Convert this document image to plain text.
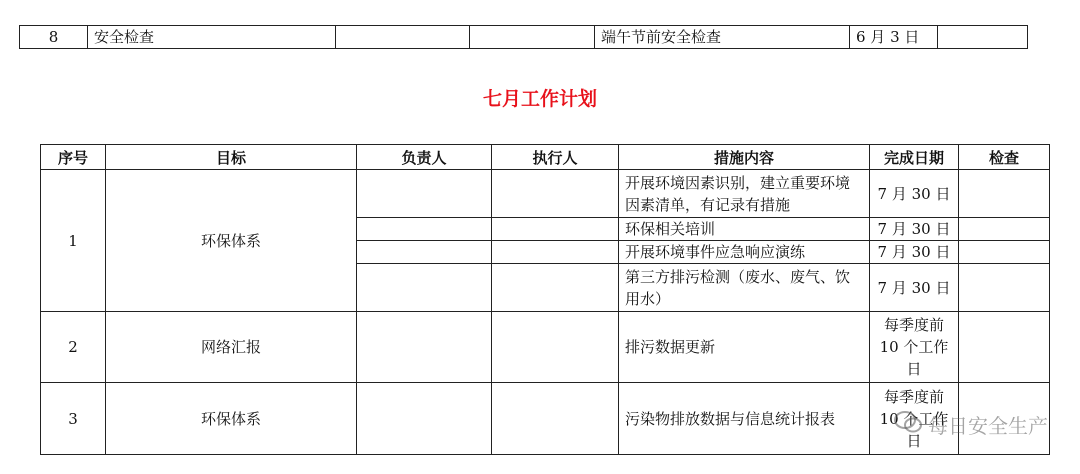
8	安全检查			端午节前安全检查	6 月 3 日	
七月工作计划
序号	目标	负责人	执行人	措施内容	完成日期	检查
1	环保体系			开展环境因素识别，建立重要环境因素清单，有记录有措施	7 月 30 日	
				环保相关培训	7 月 30 日	
				开展环境事件应急响应演练	7 月 30 日	
				第三方排污检测（废水、废气、饮用水）	7 月 30 日	
2	网络汇报			排污数据更新	每季度前 10 个工作日	
3	环保体系			污染物排放数据与信息统计报表	每季度前 10 个工作日	
每日安全生产
